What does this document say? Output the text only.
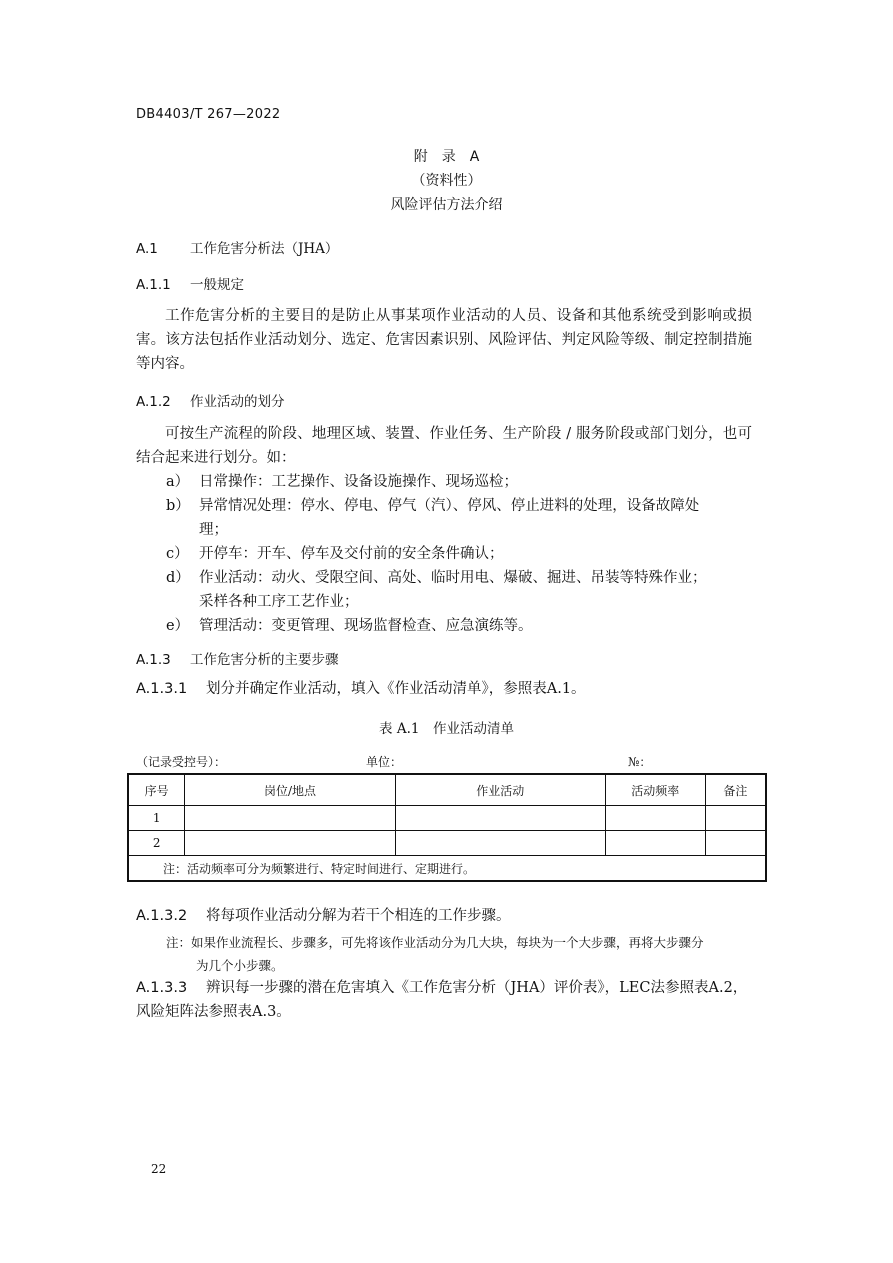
DB4403/T 267—2022
附　录　A
（资料性）
风险评估方法介绍
A.1 工作危害分析法（JHA）
A.1.1 一般规定
工作危害分析的主要目的是防止从事某项作业活动的人员、设备和其他系统受到影响或损害。该方法包括作业活动划分、选定、危害因素识别、风险评估、判定风险等级、制定控制措施等内容。
A.1.2 作业活动的划分
可按生产流程的阶段、地理区域、装置、作业任务、生产阶段 / 服务阶段或部门划分，也可结合起来进行划分。如：
a） 日常操作：工艺操作、设备设施操作、现场巡检；
b） 异常情况处理：停水、停电、停气（汽）、停风、停止进料的处理，设备故障处
理；
c） 开停车：开车、停车及交付前的安全条件确认；
d） 作业活动：动火、受限空间、高处、临时用电、爆破、掘进、吊装等特殊作业；
采样各种工序工艺作业；
e） 管理活动：变更管理、现场监督检查、应急演练等。
A.1.3 工作危害分析的主要步骤
A.1.3.1 划分并确定作业活动，填入《作业活动清单》，参照表A.1。
表 A.1　作业活动清单
（记录受控号）：	单位：	№：
序号	岗位/地点	作业活动	活动频率	备注
1				
2				
注：活动频率可分为频繁进行、特定时间进行、定期进行。				
A.1.3.2 将每项作业活动分解为若干个相连的工作步骤。
注：如果作业流程长、步骤多，可先将该作业活动分为几大块，每块为一个大步骤，再将大步骤分
为几个小步骤。
A.1.3.3 辨识每一步骤的潜在危害填入《工作危害分析（JHA）评价表》，LEC法参照表A.2，
风险矩阵法参照表A.3。
22
